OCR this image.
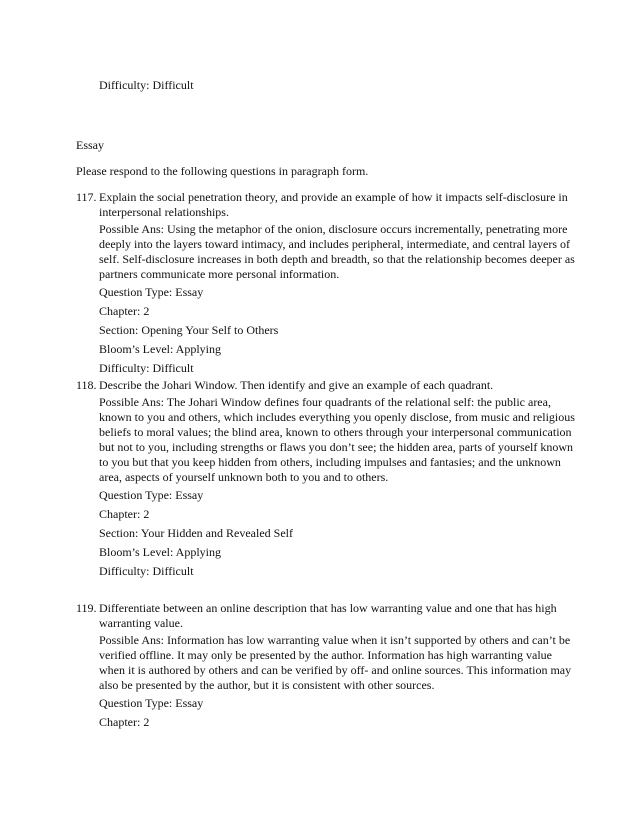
Difficulty: Difficult

Essay

Please respond to the following questions in paragraph form.

117. Explain the social penetration theory, and provide an example of how it impacts self-disclosure in interpersonal relationships.

Possible Ans: Using the metaphor of the onion, disclosure occurs incrementally, penetrating more deeply into the layers toward intimacy, and includes peripheral, intermediate, and central layers of self. Self-disclosure increases in both depth and breadth, so that the relationship becomes deeper as partners communicate more personal information.

Question Type: Essay

Chapter: 2

Section: Opening Your Self to Others

Bloom’s Level: Applying

Difficulty: Difficult

118. Describe the Johari Window. Then identify and give an example of each quadrant.

Possible Ans: The Johari Window defines four quadrants of the relational self: the public area, known to you and others, which includes everything you openly disclose, from music and religious beliefs to moral values; the blind area, known to others through your interpersonal communication but not to you, including strengths or flaws you don’t see; the hidden area, parts of yourself known to you but that you keep hidden from others, including impulses and fantasies; and the unknown area, aspects of yourself unknown both to you and to others.

Question Type: Essay

Chapter: 2

Section: Your Hidden and Revealed Self

Bloom’s Level: Applying

Difficulty: Difficult

119. Differentiate between an online description that has low warranting value and one that has high warranting value.

Possible Ans: Information has low warranting value when it isn’t supported by others and can’t be verified offline. It may only be presented by the author. Information has high warranting value when it is authored by others and can be verified by off- and online sources. This information may also be presented by the author, but it is consistent with other sources.

Question Type: Essay

Chapter: 2
